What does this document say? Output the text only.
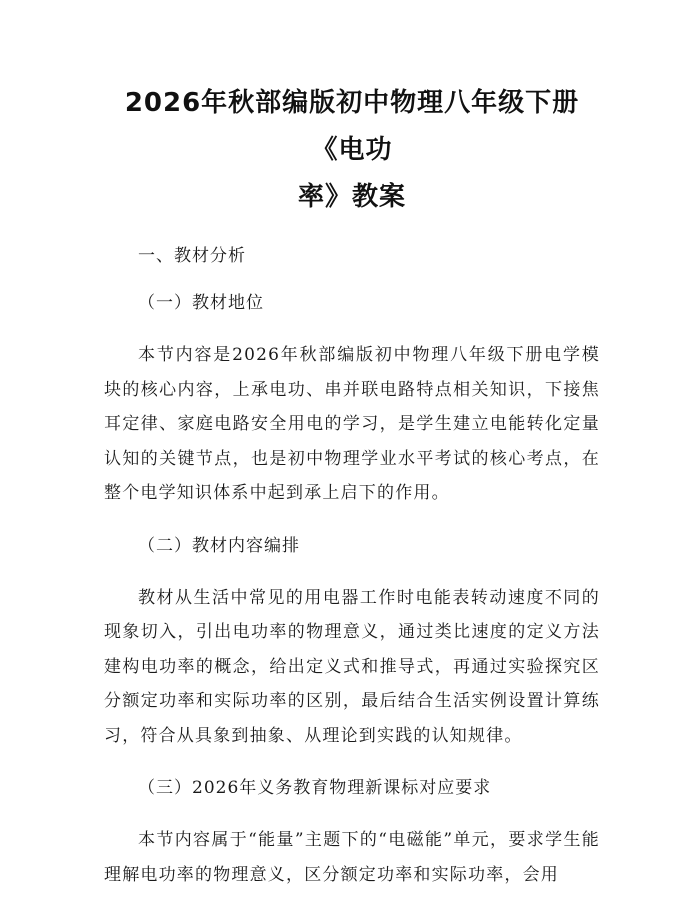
2026年秋部编版初中物理八年级下册《电功
率》教案
一、教材分析
（一）教材地位

本节内容是2026年秋部编版初中物理八年级下册电学模块的核心内容，上承电功、串并联电路特点相关知识，下接焦耳定律、家庭电路安全用电的学习，是学生建立电能转化定量认知的关键节点，也是初中物理学业水平考试的核心考点，在整个电学知识体系中起到承上启下的作用。

（二）教材内容编排

教材从生活中常见的用电器工作时电能表转动速度不同的现象切入，引出电功率的物理意义，通过类比速度的定义方法建构电功率的概念，给出定义式和推导式，再通过实验探究区分额定功率和实际功率的区别，最后结合生活实例设置计算练习，符合从具象到抽象、从理论到实践的认知规律。

（三）2026年义务教育物理新课标对应要求

本节内容属于“能量”主题下的“电磁能”单元，要求学生能理解电功率的物理意义，区分额定功率和实际功率，会用
